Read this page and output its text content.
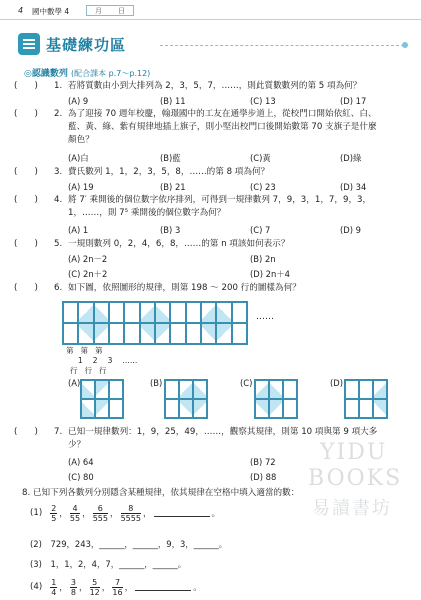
4 國中數學 4	月 日
基礎練功區
◎認識數列 (配合課本 p.7～p.12)
(　　) 1. 若將質數由小到大排列為 2，3，5，7，……，則此質數數列的第 5 項為何？
(A) 9	(B) 11	(C) 13	(D) 17
(　　) 2. 為了迎接 70 週年校慶，翰璟國中的工友在通學步道上，從校門口開始依紅、白、
藍、黃、綠、紫有規律地插上旗子，則小堅出校門口後開始數第 70 支旗子是什麼
顏色？
(A)白	(B)藍	(C)黃	(D)綠
(　　) 3. 費氏數列 1，1，2，3，5，8，……的第 8 項為何？
(A) 19	(B) 21	(C) 23	(D) 34
(　　) 4. 將 7′ 乘開後的個位數字依序排列，可得到一規律數列 7，9，3，1，7，9，3，
1，……，則 7⁵ 乘開後的個位數字為何？
(A) 1	(B) 3	(C) 7	(D) 9
(　　) 5. 一規則數列 0，2，4，6，8，……的第 n 項該如何表示？
(A) 2n－2	(B) 2n
(C) 2n＋2	(D) 2n＋4
(　　) 6. 如下圖，依照圖形的規律，則第 198 ～ 200 行的圖樣為何？
……
第 第 第
1 2 3 ……
行 行 行
(A)	(B)	(C)	(D)
(　　) 7. 已知一規律數列：1，9，25，49，……，觀察其規律，則第 10 項與第 9 項大多
少？
(A) 64	(B) 72
(C) 80	(D) 88
8. 已知下列各數列分別隱含某種規律，依其規律在空格中填入適當的數：
$(1) \frac{2}{5}$ ， $\frac{4}{55}$ ， $\frac{6}{555}$ ， $\frac{8}{5555}$ ，	。
(2) 729，243，______，______，9，3，______。
(3) 1，1，2，4，7，______，______。
$(4) \frac{1}{4}$ ， $\frac{3}{8}$ ， $\frac{5}{12}$ ， $\frac{7}{16}$ ，	。
YIDU
BOOKS
易讀書坊
